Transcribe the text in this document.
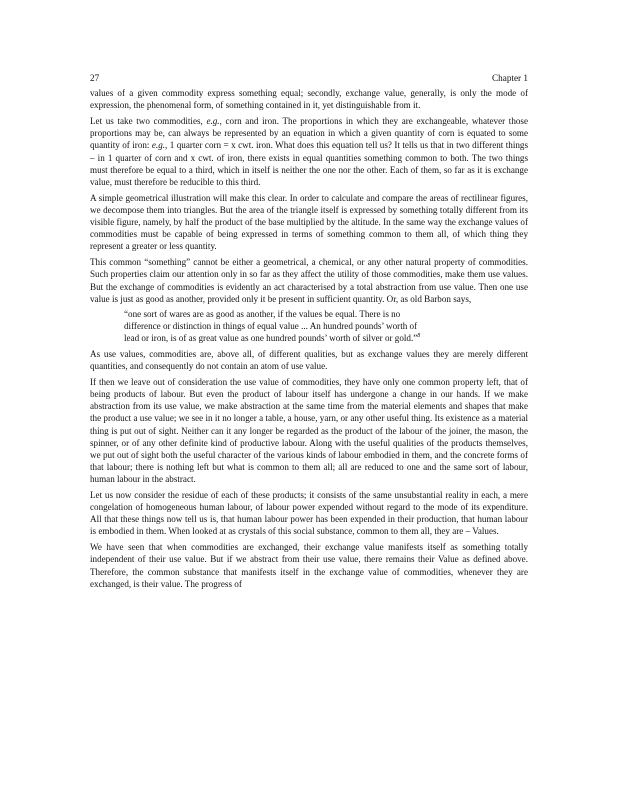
27	Chapter 1

values of a given commodity express something equal; secondly, exchange value, generally, is only the mode of expression, the phenomenal form, of something contained in it, yet distinguishable from it.

Let us take two commodities, e.g., corn and iron. The proportions in which they are exchangeable, whatever those proportions may be, can always be represented by an equation in which a given quantity of corn is equated to some quantity of iron: e.g., 1 quarter corn = x cwt. iron. What does this equation tell us? It tells us that in two different things – in 1 quarter of corn and x cwt. of iron, there exists in equal quantities something common to both. The two things must therefore be equal to a third, which in itself is neither the one nor the other. Each of them, so far as it is exchange value, must therefore be reducible to this third.

A simple geometrical illustration will make this clear. In order to calculate and compare the areas of rectilinear figures, we decompose them into triangles. But the area of the triangle itself is expressed by something totally different from its visible figure, namely, by half the product of the base multiplied by the altitude. In the same way the exchange values of commodities must be capable of being expressed in terms of something common to them all, of which thing they represent a greater or less quantity.

This common “something” cannot be either a geometrical, a chemical, or any other natural property of commodities. Such properties claim our attention only in so far as they affect the utility of those commodities, make them use values. But the exchange of commodities is evidently an act characterised by a total abstraction from use value. Then one use value is just as good as another, provided only it be present in sufficient quantity. Or, as old Barbon says,

“one sort of wares are as good as another, if the values be equal. There is no
difference or distinction in things of equal value ... An hundred pounds’ worth of
lead or iron, is of as great value as one hundred pounds’ worth of silver or gold.”$^8$

As use values, commodities are, above all, of different qualities, but as exchange values they are merely different quantities, and consequently do not contain an atom of use value.

If then we leave out of consideration the use value of commodities, they have only one common property left, that of being products of labour. But even the product of labour itself has undergone a change in our hands. If we make abstraction from its use value, we make abstraction at the same time from the material elements and shapes that make the product a use value; we see in it no longer a table, a house, yarn, or any other useful thing. Its existence as a material thing is put out of sight. Neither can it any longer be regarded as the product of the labour of the joiner, the mason, the spinner, or of any other definite kind of productive labour. Along with the useful qualities of the products themselves, we put out of sight both the useful character of the various kinds of labour embodied in them, and the concrete forms of that labour; there is nothing left but what is common to them all; all are reduced to one and the same sort of labour, human labour in the abstract.

Let us now consider the residue of each of these products; it consists of the same unsubstantial reality in each, a mere congelation of homogeneous human labour, of labour power expended without regard to the mode of its expenditure. All that these things now tell us is, that human labour power has been expended in their production, that human labour is embodied in them. When looked at as crystals of this social substance, common to them all, they are – Values.

We have seen that when commodities are exchanged, their exchange value manifests itself as something totally independent of their use value. But if we abstract from their use value, there remains their Value as defined above. Therefore, the common substance that manifests itself in the exchange value of commodities, whenever they are exchanged, is their value. The progress of
